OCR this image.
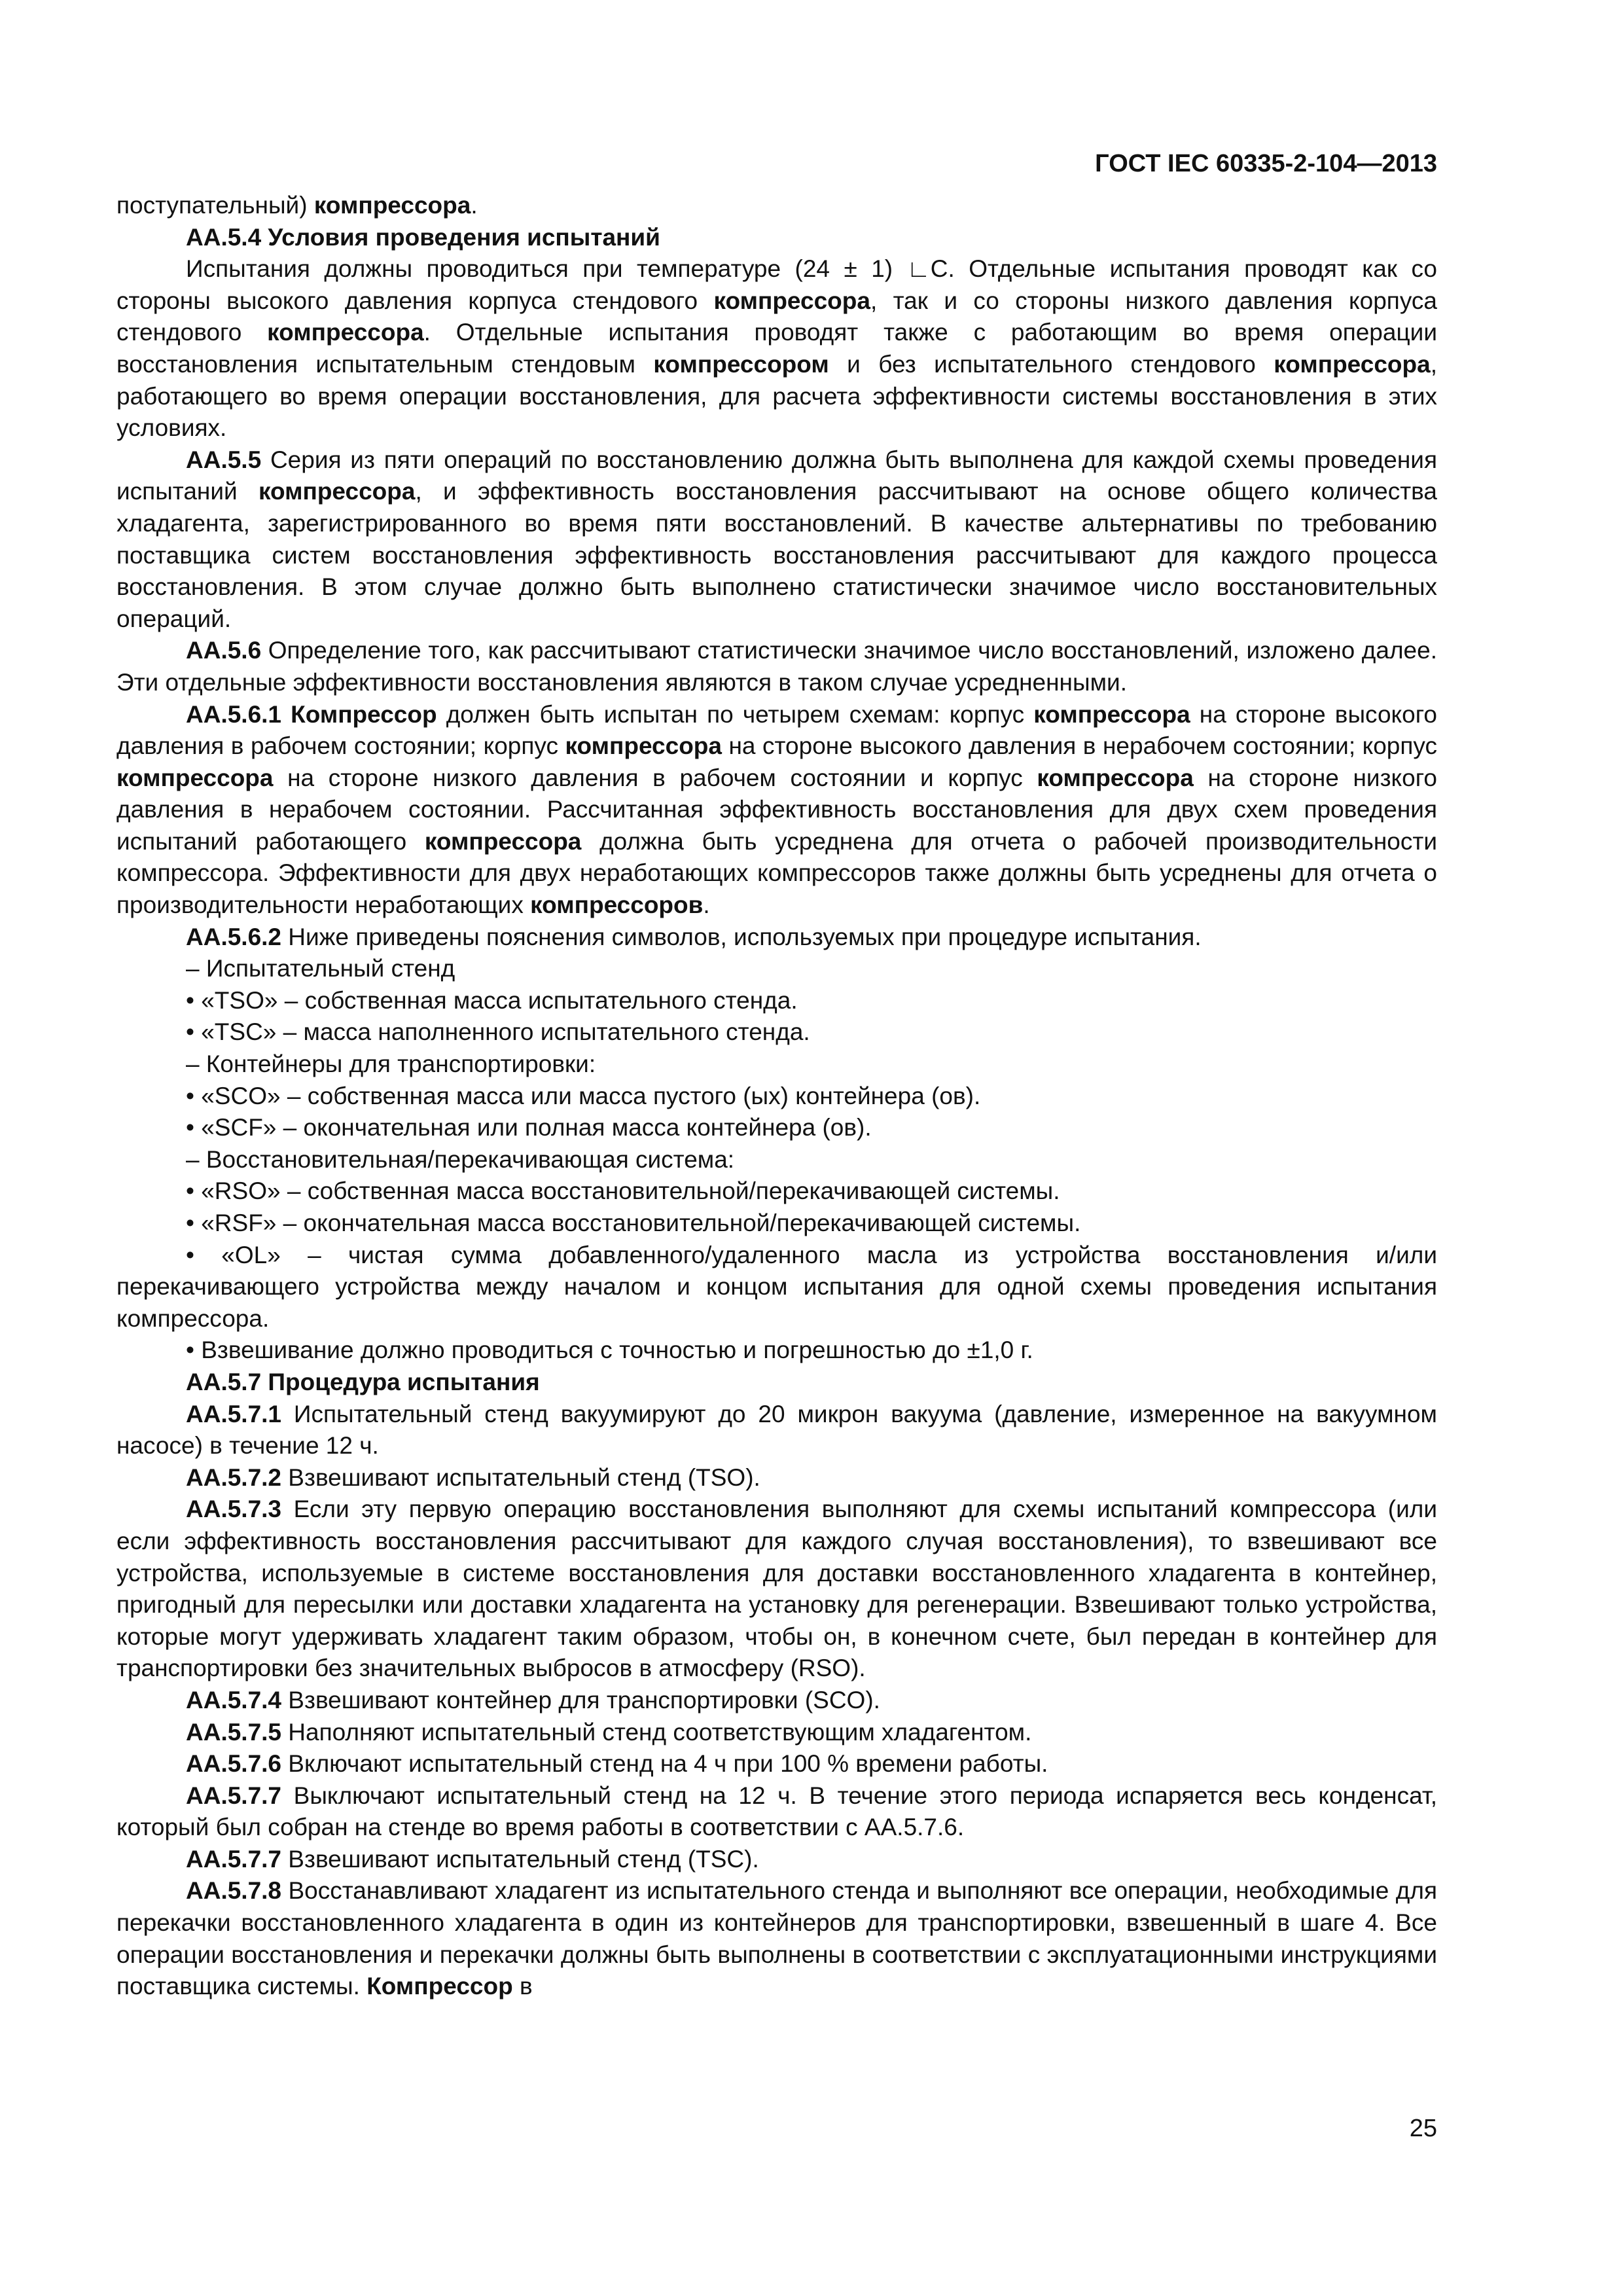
ГОСТ IEC 60335-2-104—2013

поступательный) компрессора.

АА.5.4 Условия проведения испытаний

Испытания должны проводиться при температуре (24 ± 1) ∟С. Отдельные испытания проводят как со стороны высокого давления корпуса стендового компрессора, так и со стороны низкого давления корпуса стендового компрессора. Отдельные испытания проводят также с работающим во время операции восстановления испытательным стендовым компрессором и без испытательного стендового компрессора, работающего во время операции восстановления, для расчета эффективности системы восстановления в этих условиях.

АА.5.5 Серия из пяти операций по восстановлению должна быть выполнена для каждой схемы проведения испытаний компрессора, и эффективность восстановления рассчитывают на основе общего количества хладагента, зарегистрированного во время пяти восстановлений. В качестве альтернативы по требованию поставщика систем восстановления эффективность восстановления рассчитывают для каждого процесса восстановления. В этом случае должно быть выполнено статистически значимое число восстановительных операций.

АА.5.6 Определение того, как рассчитывают статистически значимое число восстановлений, изложено далее. Эти отдельные эффективности восстановления являются в таком случае усредненными.

АА.5.6.1 Компрессор должен быть испытан по четырем схемам: корпус компрессора на стороне высокого давления в рабочем состоянии; корпус компрессора на стороне высокого давления в нерабочем состоянии; корпус компрессора на стороне низкого давления в рабочем состоянии и корпус компрессора на стороне низкого давления в нерабочем состоянии. Рассчитанная эффективность восстановления для двух схем проведения испытаний работающего компрессора должна быть усреднена для отчета о рабочей производительности компрессора. Эффективности для двух неработающих компрессоров также должны быть усреднены для отчета о производительности неработающих компрессоров.

АА.5.6.2 Ниже приведены пояснения символов, используемых при процедуре испытания.

– Испытательный стенд

• «TSO» – собственная масса испытательного стенда.

• «TSC» – масса наполненного испытательного стенда.

– Контейнеры для транспортировки:

• «SCO» – собственная масса или масса пустого (ых) контейнера (ов).

• «SCF» – окончательная или полная масса контейнера (ов).

– Восстановительная/перекачивающая система:

• «RSO» – собственная масса восстановительной/перекачивающей системы.

• «RSF» – окончательная масса восстановительной/перекачивающей системы.

• «OL» – чистая сумма добавленного/удаленного масла из устройства восстановления и/или перекачивающего устройства между началом и концом испытания для одной схемы проведения испытания компрессора.

• Взвешивание должно проводиться с точностью и погрешностью до ±1,0 г.

АА.5.7 Процедура испытания

АА.5.7.1 Испытательный стенд вакуумируют до 20 микрон вакуума (давление, измеренное на вакуумном насосе) в течение 12 ч.

АА.5.7.2 Взвешивают испытательный стенд (TSO).

АА.5.7.3 Если эту первую операцию восстановления выполняют для схемы испытаний компрессора (или если эффективность восстановления рассчитывают для каждого случая восстановления), то взвешивают все устройства, используемые в системе восстановления для доставки восстановленного хладагента в контейнер, пригодный для пересылки или доставки хладагента на установку для регенерации. Взвешивают только устройства, которые могут удерживать хладагент таким образом, чтобы он, в конечном счете, был передан в контейнер для транспортировки без значительных выбросов в атмосферу (RSO).

АА.5.7.4 Взвешивают контейнер для транспортировки (SCO).

АА.5.7.5 Наполняют испытательный стенд соответствующим хладагентом.

АА.5.7.6 Включают испытательный стенд на 4 ч при 100 % времени работы.

АА.5.7.7 Выключают испытательный стенд на 12 ч. В течение этого периода испаряется весь конденсат, который был собран на стенде во время работы в соответствии с АА.5.7.6.

АА.5.7.7 Взвешивают испытательный стенд (TSC).

АА.5.7.8 Восстанавливают хладагент из испытательного стенда и выполняют все операции, необходимые для перекачки восстановленного хладагента в один из контейнеров для транспортировки, взвешенный в шаге 4. Все операции восстановления и перекачки должны быть выполнены в соответствии с эксплуатационными инструкциями поставщика системы. Компрессор в

25
